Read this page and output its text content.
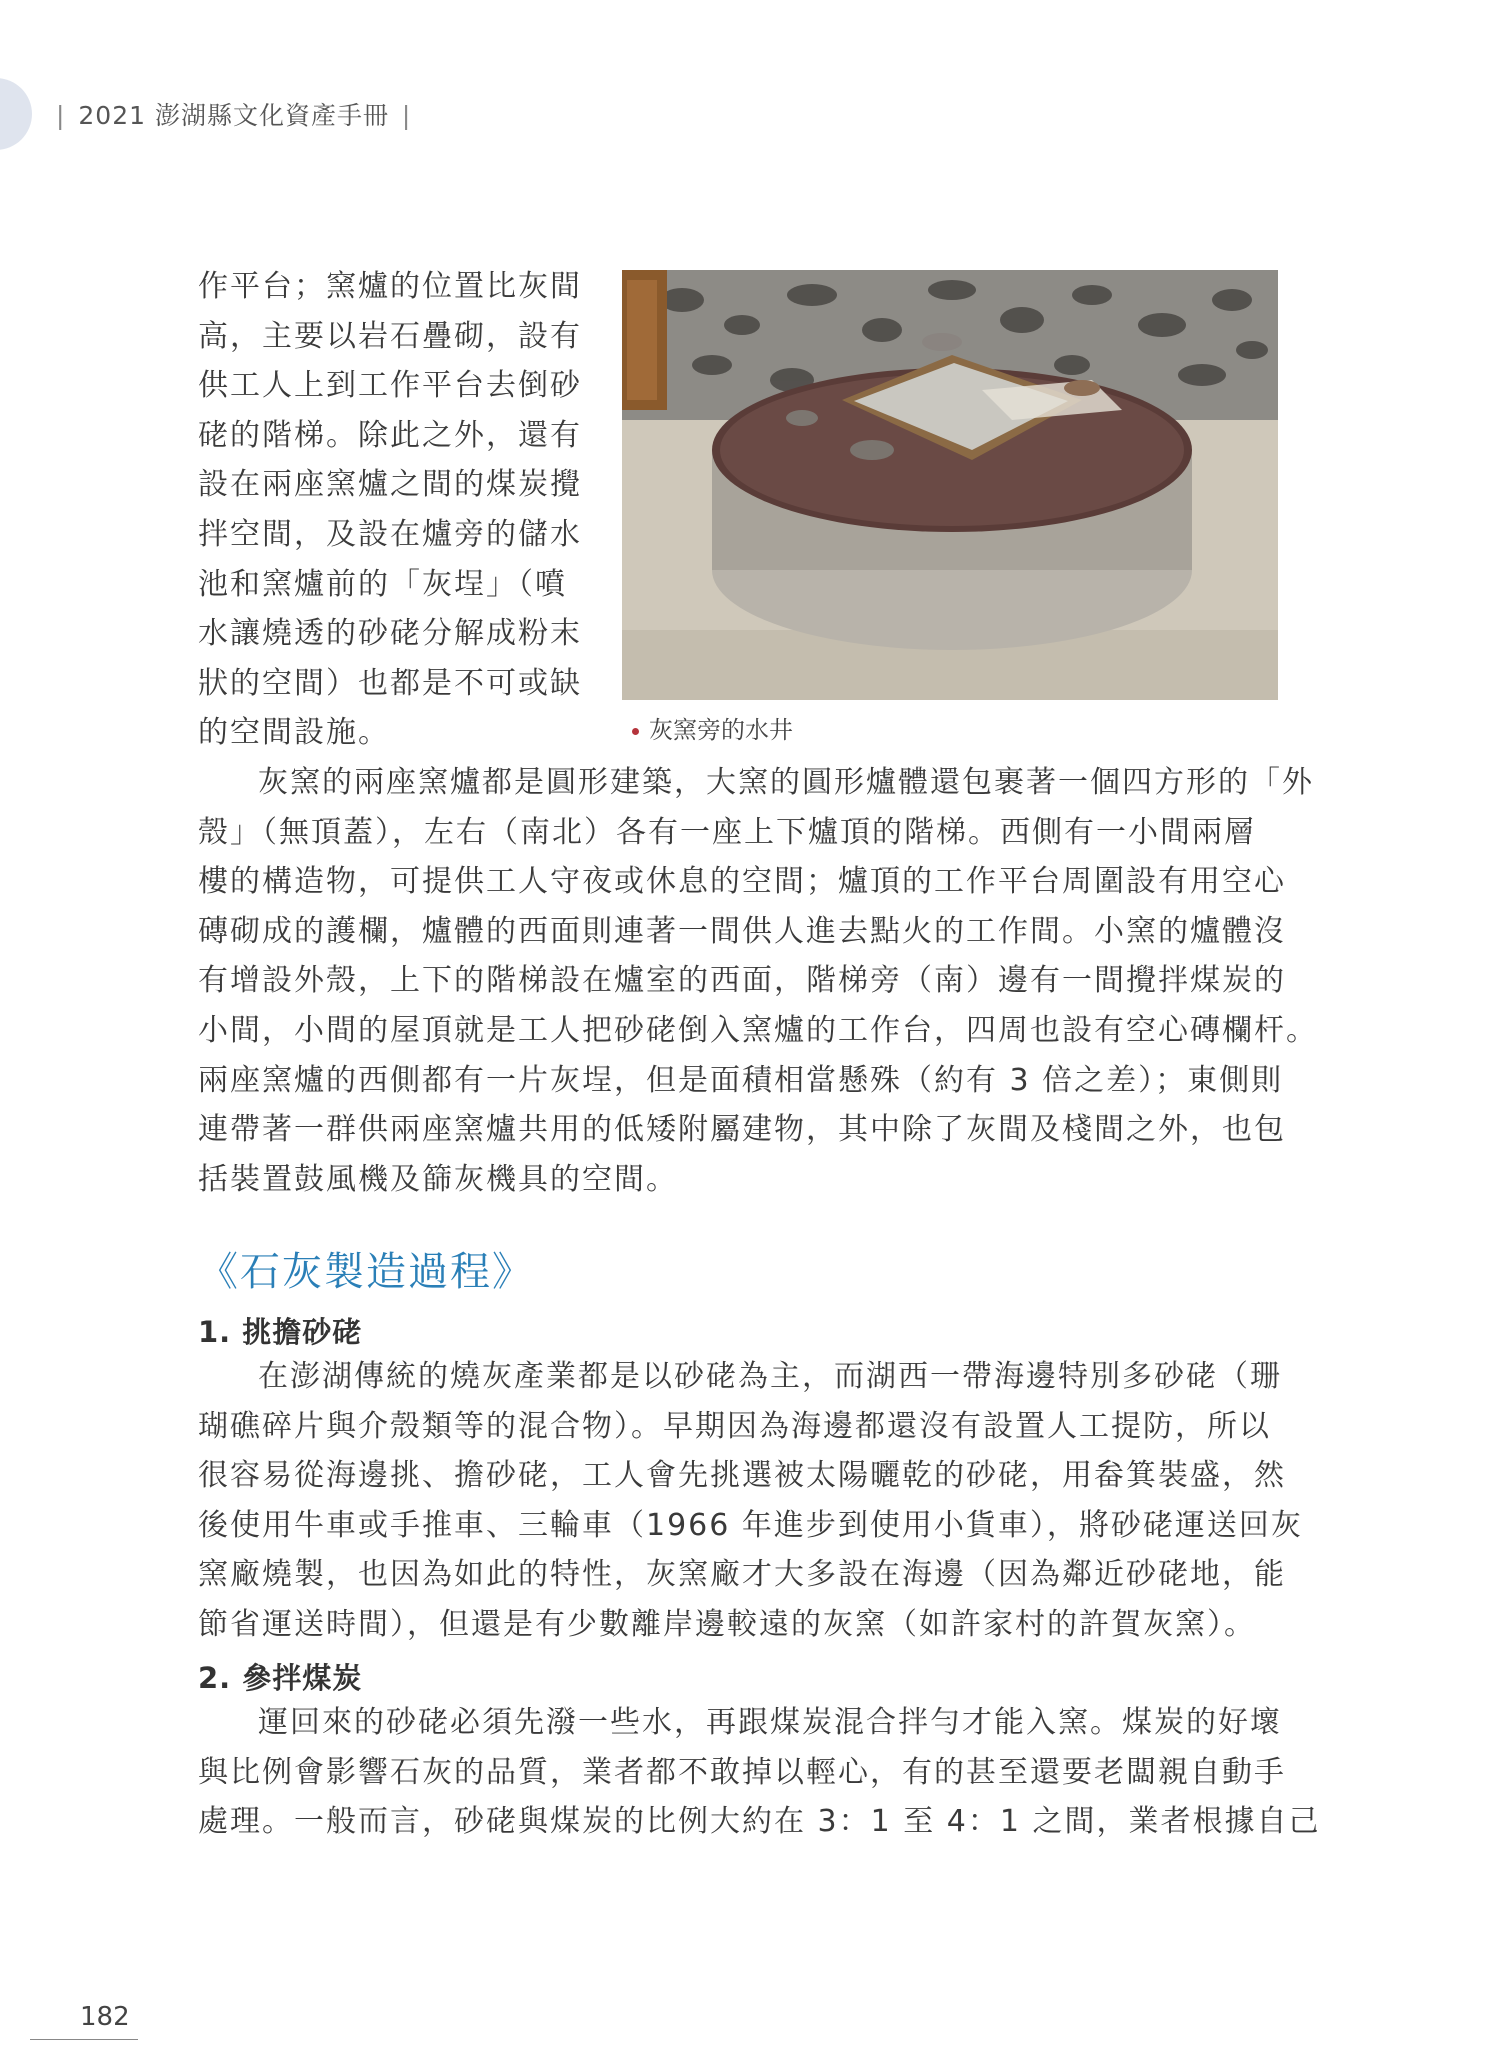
| 2021 澎湖縣文化資產手冊 |

作平台；窯爐的位置比灰間
高，主要以岩石疊砌，設有
供工人上到工作平台去倒砂
硓的階梯。除此之外，還有
設在兩座窯爐之間的煤炭攪
拌空間，及設在爐旁的儲水
池和窯爐前的「灰埕」（噴
水讓燒透的砂硓分解成粉末
狀的空間）也都是不可或缺
的空間設施。	灰窯旁的水井

灰窯的兩座窯爐都是圓形建築，大窯的圓形爐體還包裹著一個四方形的「外
殼」（無頂蓋），左右（南北）各有一座上下爐頂的階梯。西側有一小間兩層
樓的構造物，可提供工人守夜或休息的空間；爐頂的工作平台周圍設有用空心
磚砌成的護欄，爐體的西面則連著一間供人進去點火的工作間。小窯的爐體沒
有增設外殼，上下的階梯設在爐室的西面，階梯旁（南）邊有一間攪拌煤炭的
小間，小間的屋頂就是工人把砂硓倒入窯爐的工作台，四周也設有空心磚欄杆。
兩座窯爐的西側都有一片灰埕，但是面積相當懸殊（約有 3 倍之差）；東側則
連帶著一群供兩座窯爐共用的低矮附屬建物，其中除了灰間及棧間之外，也包
括裝置鼓風機及篩灰機具的空間。

《石灰製造過程》
1. 挑擔砂硓

在澎湖傳統的燒灰產業都是以砂硓為主，而湖西一帶海邊特別多砂硓（珊
瑚礁碎片與介殼類等的混合物）。早期因為海邊都還沒有設置人工提防，所以
很容易從海邊挑、擔砂硓，工人會先挑選被太陽曬乾的砂硓，用畚箕裝盛，然
後使用牛車或手推車、三輪車（1966 年進步到使用小貨車），將砂硓運送回灰
窯廠燒製，也因為如此的特性，灰窯廠才大多設在海邊（因為鄰近砂硓地，能
節省運送時間），但還是有少數離岸邊較遠的灰窯（如許家村的許賀灰窯）。

2. 參拌煤炭

運回來的砂硓必須先潑一些水，再跟煤炭混合拌勻才能入窯。煤炭的好壞
與比例會影響石灰的品質，業者都不敢掉以輕心，有的甚至還要老闆親自動手
處理。一般而言，砂硓與煤炭的比例大約在 3：1 至 4：1 之間，業者根據自己

182
